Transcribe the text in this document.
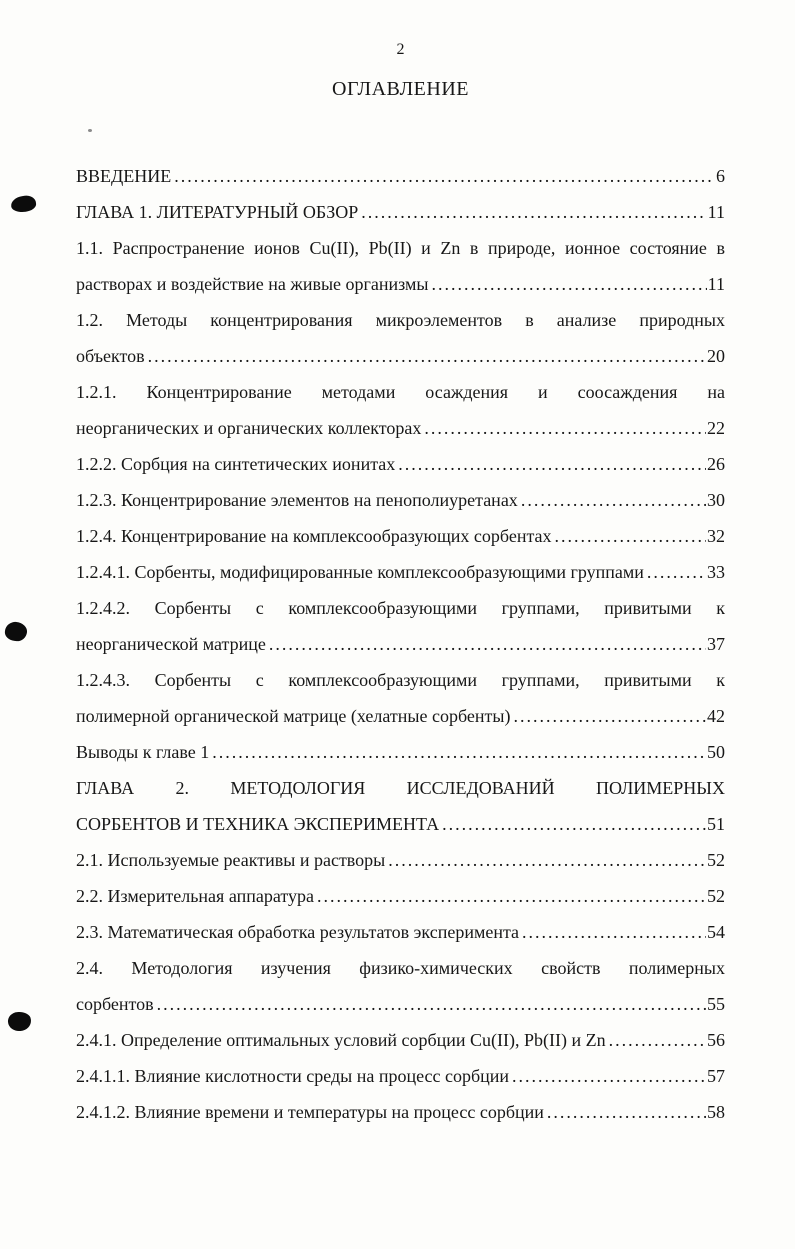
2
ОГЛАВЛЕНИЕ
ВВЕДЕНИЕ .....	6
ГЛАВА 1. ЛИТЕРАТУРНЫЙ ОБЗОР .....	11
1.1. Распространение ионов Cu(II), Pb(II) и Zn в природе, ионное состояние в
растворах и воздействие на живые организмы .....	11
1.2. Методы концентрирования микроэлементов в анализе природных
объектов .....	20
1.2.1. Концентрирование методами осаждения и соосаждения на
неорганических и органических коллекторах .....	22
1.2.2. Сорбция на синтетических ионитах .....	26
1.2.3. Концентрирование элементов на пенополиуретанах .....	30
1.2.4. Концентрирование на комплексообразующих сорбентах .....	32
1.2.4.1. Сорбенты, модифицированные комплексообразующими группами .....	33
1.2.4.2. Сорбенты с комплексообразующими группами, привитыми к
неорганической матрице .....	37
1.2.4.3. Сорбенты с комплексообразующими группами, привитыми к
полимерной органической матрице (хелатные сорбенты) .....	42
Выводы к главе 1 .....	50
ГЛАВА 2. МЕТОДОЛОГИЯ ИССЛЕДОВАНИЙ ПОЛИМЕРНЫХ
СОРБЕНТОВ И ТЕХНИКА ЭКСПЕРИМЕНТА .....	51
2.1. Используемые реактивы и растворы .....	52
2.2. Измерительная аппаратура .....	52
2.3. Математическая обработка результатов эксперимента .....	54
2.4. Методология изучения физико-химических свойств полимерных
сорбентов .....	55
2.4.1. Определение оптимальных условий сорбции Cu(II), Pb(II) и Zn .....	56
2.4.1.1. Влияние кислотности среды на процесс сорбции .....	57
2.4.1.2. Влияние времени и температуры на процесс сорбции .....	58
